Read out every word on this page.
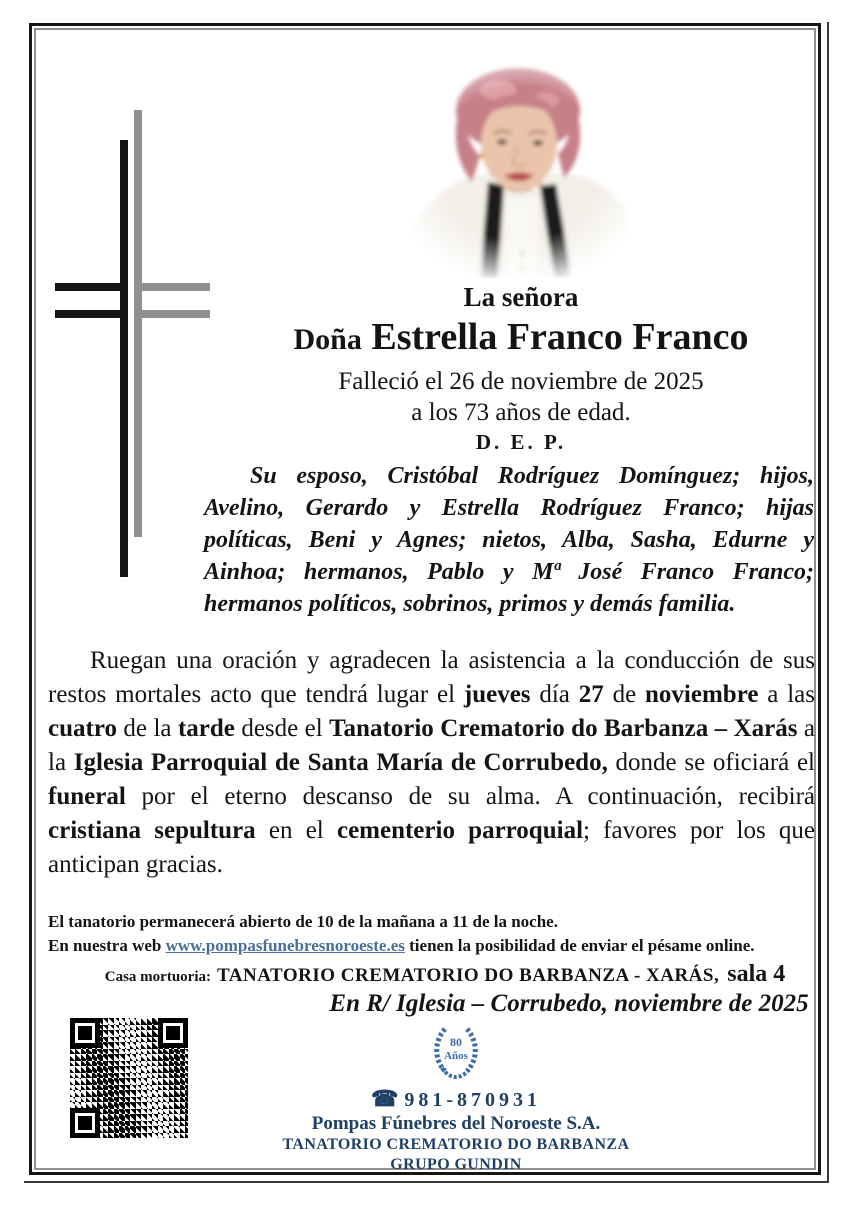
La señora
Doña Estrella Franco Franco
Falleció el 26 de noviembre de 2025
a los 73 años de edad.
D. E. P.

Su esposo, Cristóbal Rodríguez Domínguez; hijos, Avelino, Gerardo y Estrella Rodríguez Franco; hijas políticas, Beni y Agnes; nietos, Alba, Sasha, Edurne y Ainhoa; hermanos, Pablo y Mª José Franco Franco; hermanos políticos, sobrinos, primos y demás familia.

Ruegan una oración y agradecen la asistencia a la conducción de sus restos mortales acto que tendrá lugar el jueves día 27 de noviembre a las cuatro de la tarde desde el Tanatorio Crematorio do Barbanza – Xarás a la Iglesia Parroquial de Santa María de Corrubedo, donde se oficiará el funeral por el eterno descanso de su alma. A continuación, recibirá cristiana sepultura en el cementerio parroquial; favores por los que anticipan gracias.

El tanatorio permanecerá abierto de 10 de la mañana a 11 de la noche.
En nuestra web www.pompasfunebresnoroeste.es tienen la posibilidad de enviar el pésame online.
Casa mortuoria: TANATORIO CREMATORIO DO BARBANZA - XARÁS, sala 4
En R/ Iglesia – Corrubedo, noviembre de 2025
80
Años
☎ 981-870931
Pompas Fúnebres del Noroeste S.A.
TANATORIO CREMATORIO DO BARBANZA
GRUPO GUNDIN
